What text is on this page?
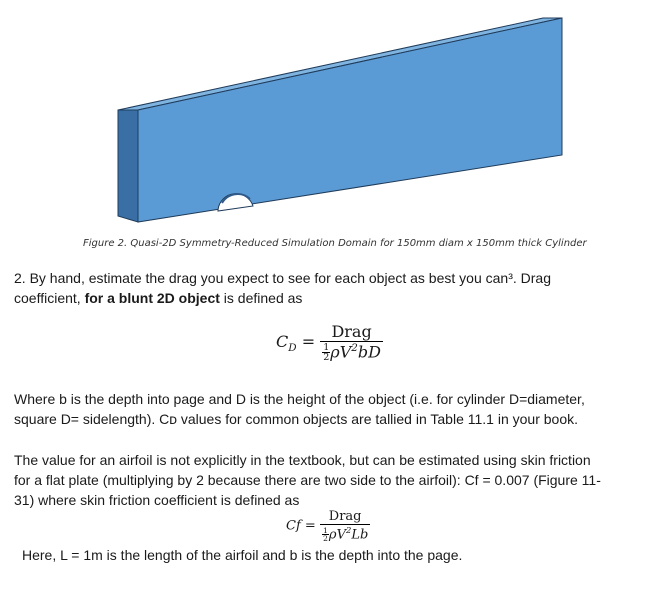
Figure 2. Quasi-2D Symmetry-Reduced Simulation Domain for 150mm diam x 150mm thick Cylinder
2. By hand, estimate the drag you expect to see for each object as best you can³. Drag
coefficient, for a blunt 2D object is defined as
$C_D = \frac{\text{Drag}}{\frac{1}{2} \rho V^2bD}$
Where b is the depth into page and D is the height of the object (i.e. for cylinder D=diameter,
square D= sidelength). Cᴅ values for common objects are tallied in Table 11.1 in your book.
The value for an airfoil is not explicitly in the textbook, but can be estimated using skin friction
for a flat plate (multiplying by 2 because there are two side to the airfoil): Cf = 0.007 (Figure 11-
31) where skin friction coefficient is defined as
$Cf = \frac{\text{Drag}}{\frac{1}{2} \rho V^2Lb}$
Here, L = 1m is the length of the airfoil and b is the depth into the page.
